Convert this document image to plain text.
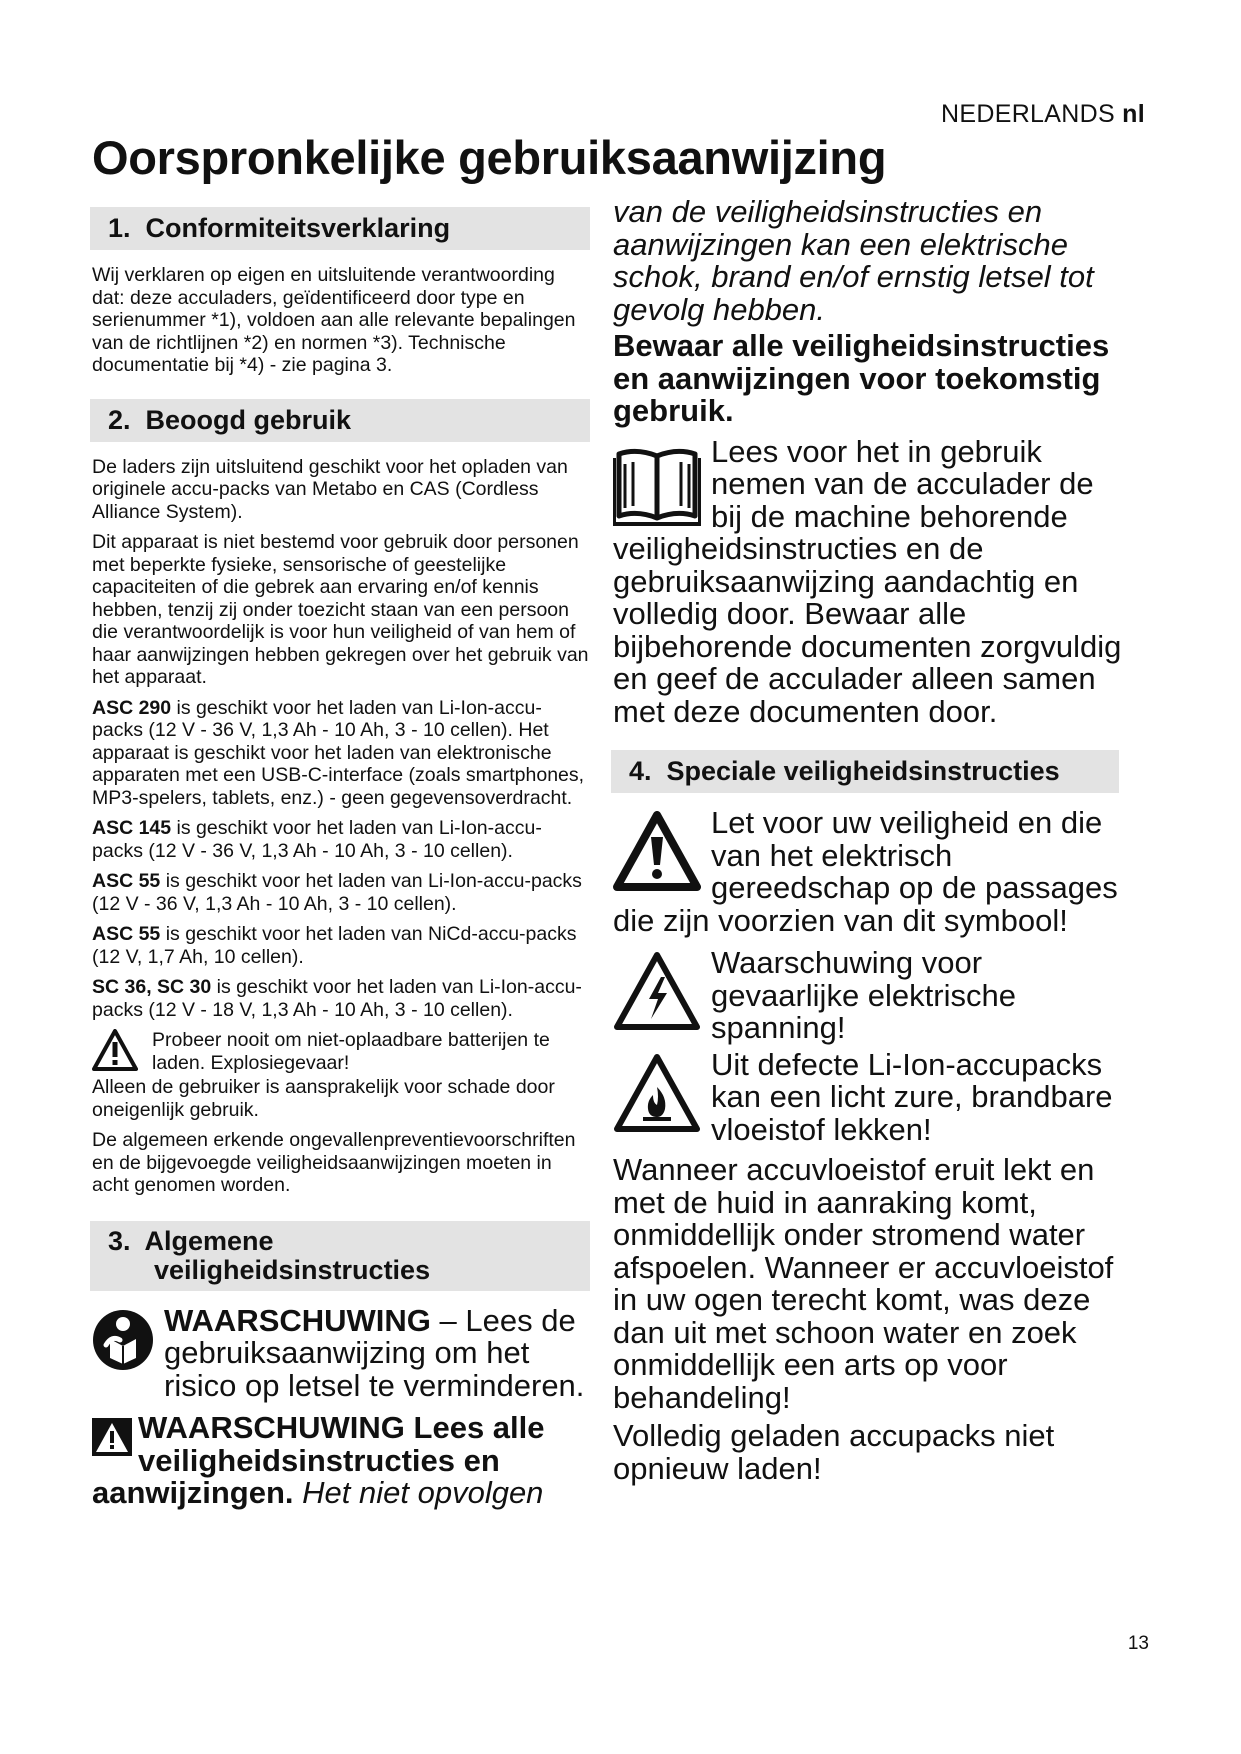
NEDERLANDS nl
Oorspronkelijke gebruiksaanwijzing
1. Conformiteitsverklaring

Wij verklaren op eigen en uitsluitende verantwoording dat: deze acculaders, geïdentificeerd door type en serienummer *1), voldoen aan alle relevante bepalingen van de richtlijnen *2) en normen *3). Technische documentatie bij *4) - zie pagina 3.

2. Beoogd gebruik

De laders zijn uitsluitend geschikt voor het opladen van originele accu-packs van Metabo en CAS (Cordless Alliance System).

Dit apparaat is niet bestemd voor gebruik door personen met beperkte fysieke, sensorische of geestelijke capaciteiten of die gebrek aan ervaring en/of kennis hebben, tenzij zij onder toezicht staan van een persoon die verantwoordelijk is voor hun veiligheid of van hem of haar aanwijzingen hebben gekregen over het gebruik van het apparaat.

ASC 290 is geschikt voor het laden van Li-Ion-accu-packs (12 V - 36 V, 1,3 Ah - 10 Ah, 3 - 10 cellen). Het apparaat is geschikt voor het laden van elektronische apparaten met een USB-C-interface (zoals smartphones, MP3-spelers, tablets, enz.) - geen gegevensoverdracht.

ASC 145 is geschikt voor het laden van Li-Ion-accu-packs (12 V - 36 V, 1,3 Ah - 10 Ah, 3 - 10 cellen).

ASC 55 is geschikt voor het laden van Li-Ion-accu-packs (12 V - 36 V, 1,3 Ah - 10 Ah, 3 - 10 cellen).

ASC 55 is geschikt voor het laden van NiCd-accu-packs (12 V, 1,7 Ah, 10 cellen).

SC 36, SC 30 is geschikt voor het laden van Li-Ion-accu-packs (12 V - 18 V, 1,3 Ah - 10 Ah, 3 - 10 cellen).

Probeer nooit om niet-oplaadbare batterijen te laden. Explosiegevaar!

Alleen de gebruiker is aansprakelijk voor schade door oneigenlijk gebruik.

De algemeen erkende ongevallenpreventievoorschriften en de bijgevoegde veiligheidsaanwijzingen moeten in acht genomen worden.

3. Algemene
veiligheidsinstructies

WAARSCHUWING – Lees de gebruiksaanwijzing om het risico op letsel te verminderen.

WAARSCHUWING Lees alle veiligheidsinstructies en aanwijzingen. Het niet opvolgen

van de veiligheidsinstructies en aanwijzingen kan een elektrische schok, brand en/of ernstig letsel tot gevolg hebben.

Bewaar alle veiligheidsinstructies en aanwijzingen voor toekomstig gebruik.

Lees voor het in gebruik nemen van de acculader de bij de machine behorende veiligheidsinstructies en de gebruiksaanwijzing aandachtig en volledig door. Bewaar alle bijbehorende documenten zorgvuldig en geef de acculader alleen samen met deze documenten door.

4. Speciale veiligheidsinstructies

Let voor uw veiligheid en die van het elektrisch gereedschap op de passages die zijn voorzien van dit symbool!

Waarschuwing voor gevaarlijke elektrische spanning!

Uit defecte Li-Ion-accupacks kan een licht zure, brandbare vloeistof lekken!

Wanneer accuvloeistof eruit lekt en met de huid in aanraking komt, onmiddellijk onder stromend water afspoelen. Wanneer er accuvloeistof in uw ogen terecht komt, was deze dan uit met schoon water en zoek onmiddellijk een arts op voor behandeling!

Volledig geladen accupacks niet opnieuw laden!

13
